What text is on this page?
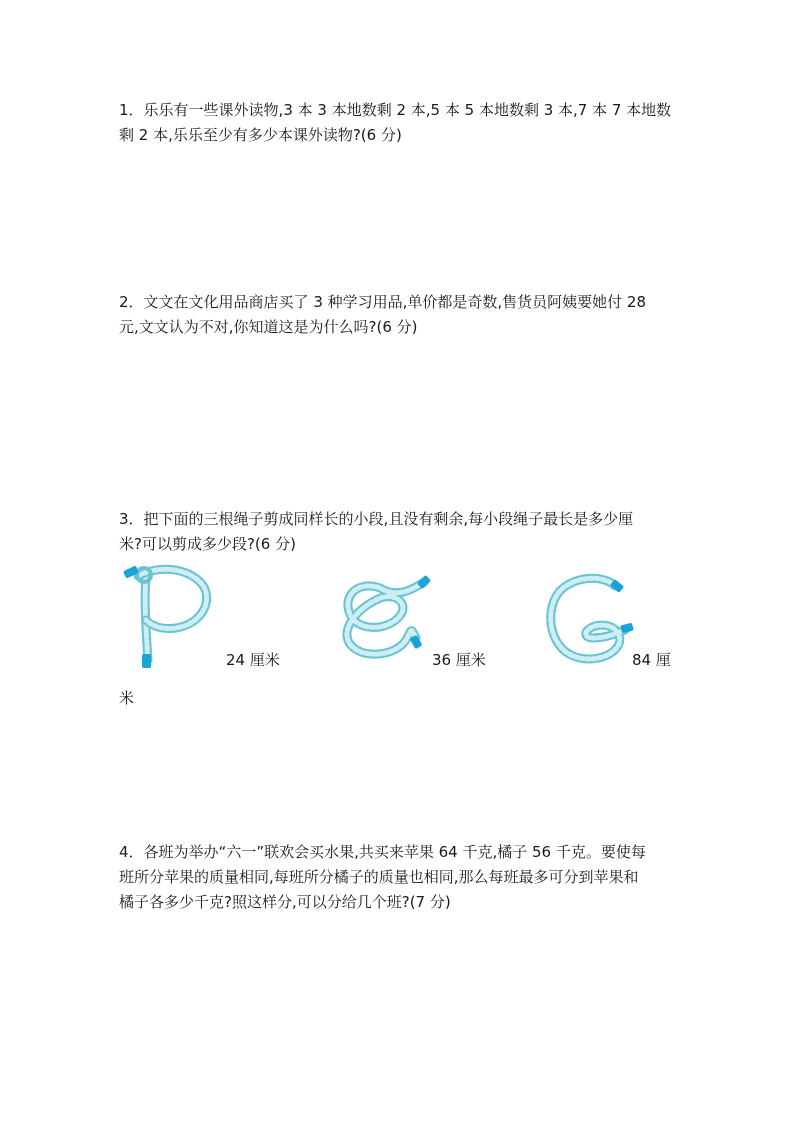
1．乐乐有一些课外读物,3 本 3 本地数剩 2 本,5 本 5 本地数剩 3 本,7 本 7 本地数

剩 2 本,乐乐至少有多少本课外读物?(6 分)

2．文文在文化用品商店买了 3 种学习用品,单价都是奇数,售货员阿姨要她付 28

元,文文认为不对,你知道这是为什么吗?(6 分)

3．把下面的三根绳子剪成同样长的小段,且没有剩余,每小段绳子最长是多少厘

米?可以剪成多少段?(6 分)

24 厘米	36 厘米	84 厘
米

4．各班为举办“六一”联欢会买水果,共买来苹果 64 千克,橘子 56 千克。要使每

班所分苹果的质量相同,每班所分橘子的质量也相同,那么每班最多可分到苹果和

橘子各多少千克?照这样分,可以分给几个班?(7 分)
